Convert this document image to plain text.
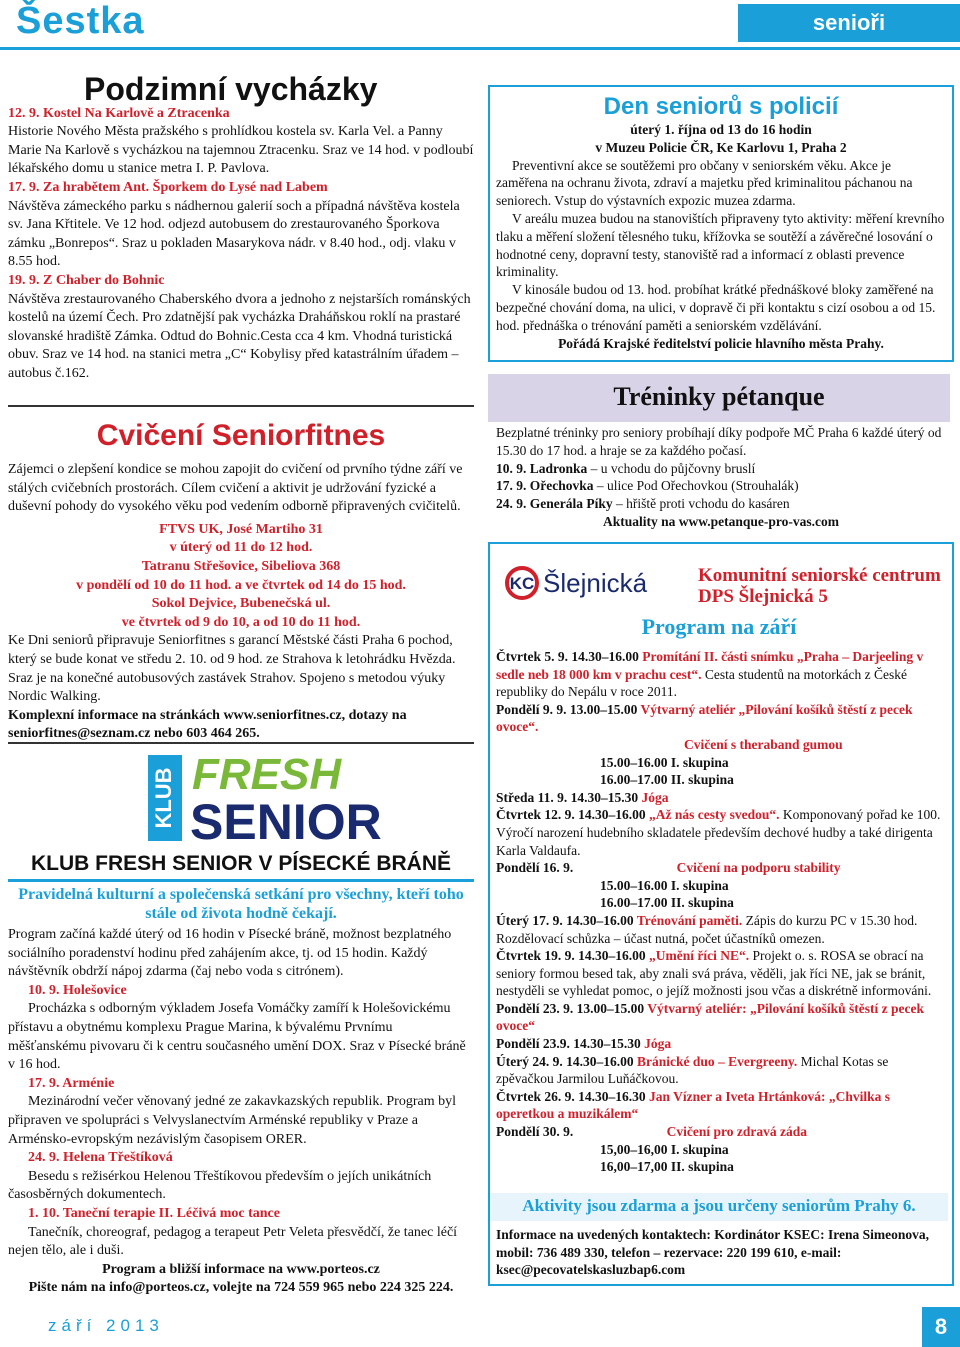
Šestka	senioři
Podzimní vycházky

12. 9. Kostel Na Karlově a Ztracenka

Historie Nového Města pražského s prohlídkou kostela sv. Karla Vel. a Panny Marie Na Karlově s vycházkou na tajemnou Ztracenku. Sraz ve 14 hod. v podloubí lékařského domu u stanice metra I. P. Pavlova.

17. 9. Za hrabětem Ant. Šporkem do Lysé nad Labem

Návštěva zámeckého parku s nádhernou galerií soch a případná návštěva kostela sv. Jana Křtitele. Ve 12 hod. odjezd autobusem do zrestaurovaného Šporkova zámku „Bonrepos“. Sraz u pokladen Masarykova nádr. v 8.40 hod., odj. vlaku v 8.55 hod.

19. 9. Z Chaber do Bohnic

Návštěva zrestaurovaného Chaberského dvora a jednoho z nejstarších románských kostelů na území Čech. Pro zdatnější pak vycházka Draháňskou roklí na prastaré slovanské hradiště Zámka. Odtud do Bohnic.Cesta cca 4 km. Vhodná turistická obuv. Sraz ve 14 hod. na stanici metra „C“ Kobylisy před katastrálním úřadem – autobus č.162.

Cvičení Seniorfitnes

Zájemci o zlepšení kondice se mohou zapojit do cvičení od prvního týdne září ve stálých cvičebních prostorách. Cílem cvičení a aktivit je udržování fyzické a duševní pohody do vysokého věku pod vedením odborně připravených cvičitelů.

FTVS UK, José Martiho 31

v úterý od 11 do 12 hod.

Tatranu Střešovice, Sibeliova 368

v pondělí od 10 do 11 hod. a ve čtvrtek od 14 do 15 hod.

Sokol Dejvice, Bubenečská ul.

ve čtvrtek od 9 do 10, a od 10 do 11 hod.

Ke Dni seniorů připravuje Seniorfitnes s garancí Městské části Praha 6 pochod, který se bude konat ve středu 2. 10. od 9 hod. ze Strahova k letohrádku Hvězda. Sraz je na konečné autobusových zastávek Strahov. Spojeno s metodou výuky Nordic Walking.

Komplexní informace na stránkách www.seniorfitnes.cz, dotazy na seniorfitnes@seznam.cz nebo 603 464 265.

KLUB FRESH
SENIOR
KLUB FRESH SENIOR V PÍSECKÉ BRÁNĚ
Pravidelná kulturní a společenská setkání pro všechny, kteří toho stále od života hodně čekají.

Program začíná každé úterý od 16 hodin v Písecké bráně, možnost bezplatného sociálního poradenství hodinu před zahájením akce, tj. od 15 hodin. Každý návštěvník obdrží nápoj zdarma (čaj nebo voda s citrónem).

10. 9. Holešovice

Procházka s odborným výkladem Josefa Vomáčky zamíří k Holešovickému přístavu a obytnému komplexu Prague Marina, k bývalému Prvnímu měšťanskému pivovaru či k centru současného umění DOX. Sraz v Písecké bráně v 16 hod.

17. 9. Arménie

Mezinárodní večer věnovaný jedné ze zakavkazských republik. Program byl připraven ve spolupráci s Velvyslanectvím Arménské republiky v Praze a Arménsko-evropským nezávislým časopisem ORER.

24. 9. Helena Třeštíková

Besedu s režisérkou Helenou Třeštíkovou především o jejích unikátních časosběrných dokumentech.

1. 10. Taneční terapie II. Léčivá moc tance

Tanečník, choreograf, pedagog a terapeut Petr Veleta přesvědčí, že tanec léčí nejen tělo, ale i duši.

Program a bližší informace na www.porteos.cz

Pište nám na info@porteos.cz, volejte na 724 559 965 nebo 224 325 224.

Den seniorů s policií

úterý 1. října od 13 do 16 hodin

v Muzeu Policie ČR, Ke Karlovu 1, Praha 2

Preventivní akce se soutěžemi pro občany v seniorském věku. Akce je zaměřena na ochranu života, zdraví a majetku před kriminalitou páchanou na seniorech. Vstup do výstavních expozic muzea zdarma.

V areálu muzea budou na stanovištích připraveny tyto aktivity: měření krevního tlaku a měření složení tělesného tuku, křížovka se soutěží a závěrečné losování o hodnotné ceny, dopravní testy, stanoviště rad a informací z oblasti prevence kriminality.

V kinosále budou od 13. hod. probíhat krátké přednáškové bloky zaměřené na bezpečné chování doma, na ulici, v dopravě či při kontaktu s cizí osobou a od 15. hod. přednáška o trénování paměti a seniorském vzdělávání.

Pořádá Krajské ředitelství policie hlavního města Prahy.

Tréninky pétanque

Bezplatné tréninky pro seniory probíhají díky podpoře MČ Praha 6 každé úterý od 15.30 do 17 hod. a hraje se za každého počasí.

10. 9. Ladronka – u vchodu do půjčovny bruslí

17. 9. Ořechovka – ulice Pod Ořechovkou (Strouhalák)

24. 9. Generála Píky – hřiště proti vchodu do kasáren

Aktuality na www.petanque-pro-vas.com

KC Šlejnická	Komunitní seniorské centrum

DPS Šlejnická 5

Program na září

Čtvrtek 5. 9. 14.30–16.00 Promítání II. části snímku „Praha – Darjeeling v sedle neb 18 000 km v prachu cest“. Cesta studentů na motorkách z České republiky do Nepálu v roce 2011.

Pondělí 9. 9. 13.00–15.00 Výtvarný ateliér „Pilování košíků štěstí z pecek ovoce“.

Cvičení s theraband gumou

15.00–16.00 I. skupina

16.00–17.00 II. skupina

Středa 11. 9. 14.30–15.30 Jóga

Čtvrtek 12. 9. 14.30–16.00 „Až nás cesty svedou“. Komponovaný pořad ke 100. Výročí narození hudebního skladatele především dechové hudby a také dirigenta Karla Valdaufa.

Pondělí 16. 9.	Cvičení na podporu stability

15.00–16.00 I. skupina

16.00–17.00 II. skupina

Úterý 17. 9. 14.30–16.00 Trénování paměti. Zápis do kurzu PC v 15.30 hod. Rozdělovací schůzka – účast nutná, počet účastníků omezen.

Čtvrtek 19. 9. 14.30–16.00 „Umění říci NE“. Projekt o. s. ROSA se obrací na seniory formou besed tak, aby znali svá práva, věděli, jak říci NE, jak se bránit, nestyděli se vyhledat pomoc, o jejíž možnosti jsou včas a diskrétně informováni.

Pondělí 23. 9. 13.00–15.00 Výtvarný ateliér: „Pilování košíků štěstí z pecek ovoce“

Pondělí 23.9. 14.30–15.30 Jóga

Úterý 24. 9. 14.30–16.00 Bránické duo – Evergreeny. Michal Kotas se zpěvačkou Jarmilou Luňáčkovou.

Čtvrtek 26. 9. 14.30–16.30 Jan Vízner a Iveta Hrtánková: „Chvilka s operetkou a muzikálem“

Pondělí 30. 9.	Cvičení pro zdravá záda

15,00–16,00 I. skupina

16,00–17,00 II. skupina

Aktivity jsou zdarma a jsou určeny seniorům Prahy 6.
Informace na uvedených kontaktech: Kordinátor KSEC: Irena Simeonova, mobil: 736 489 330, telefon – rezervace: 220 199 610, e-mail: ksec@pecovatelskasluzbap6.com
září 2013	8
